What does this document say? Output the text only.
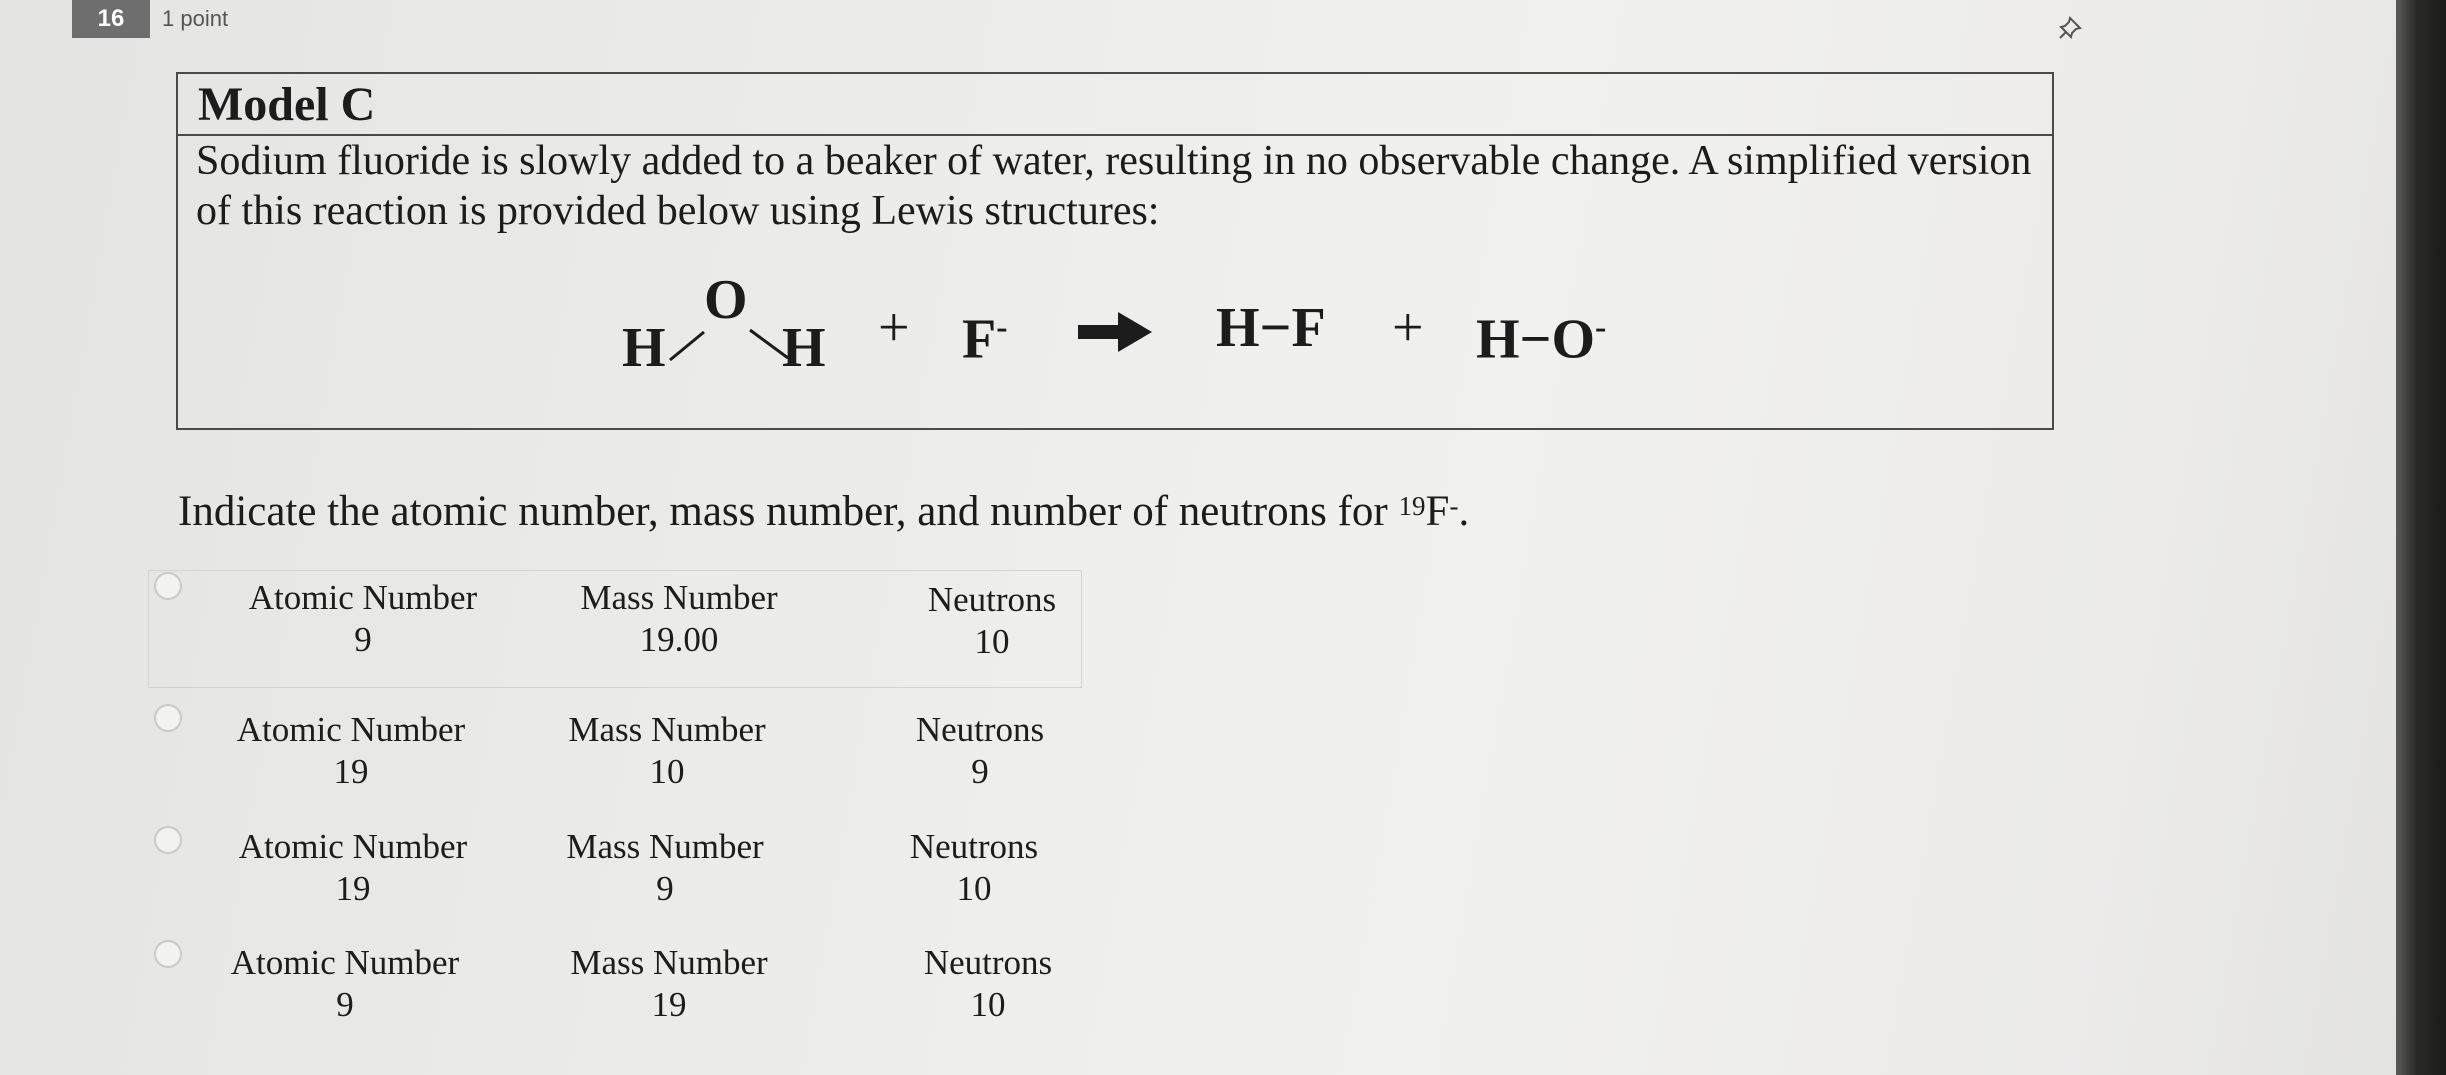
16	1 point
Model C
Sodium fluoride is slowly added to a beaker of water, resulting in no observable change. A simplified version of this reaction is provided below using Lewis structures:
H
O
H + F-	H−F + H−O-
Indicate the atomic number, mass number, and number of neutrons for $^{19}$F-.
Atomic Number
9
Mass Number
19.00
Neutrons
10
Atomic Number
19
Mass Number
10
Neutrons
9
Atomic Number
19
Mass Number
9
Neutrons
10
Atomic Number
9
Mass Number
19
Neutrons
10
